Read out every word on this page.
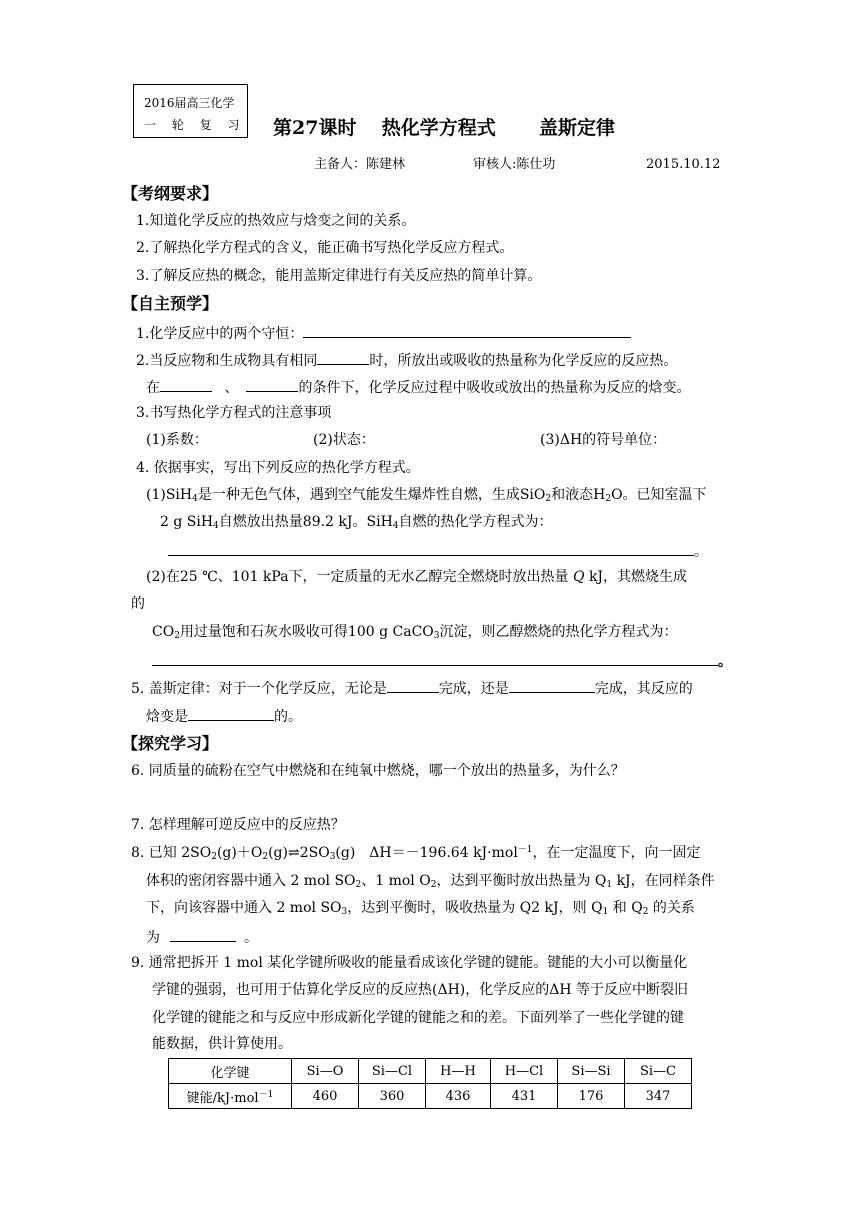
2016届高三化学
一 轮 复 习 第27课时 热化学方程式 盖斯定律
主备人：陈建林	审核人:陈仕功	2015.10.12
【考纲要求】
1.知道化学反应的热效应与焓变之间的关系。
2.了解热化学方程式的含义，能正确书写热化学反应方程式。
3.了解反应热的概念，能用盖斯定律进行有关反应热的简单计算。
【自主预学】
1.化学反应中的两个守恒：
2.当反应物和生成物具有相同	时，所放出或吸收的热量称为化学反应的反应热。
在	、	的条件下，化学反应过程中吸收或放出的热量称为反应的焓变。
3.书写热化学方程式的注意事项
(1)系数：	(2)状态：	(3)ΔH的符号单位：
4. 依据事实，写出下列反应的热化学方程式。
(1)SiH$_4$是一种无色气体，遇到空气能发生爆炸性自燃，生成SiO$_2$和液态$H_2O$。已知室温下
2 g SiH$_4$自燃放出热量89.2 kJ。SiH$_4$自燃的热化学方程式为：
。
(2)在25 ℃、101 kPa下，一定质量的无水乙醇完全燃烧时放出热量 Q kJ，其燃烧生成
的
$CO_2$用过量饱和石灰水吸收可得100 g CaCO$_3$沉淀，则乙醇燃烧的热化学方程式为：
。
5. 盖斯定律：对于一个化学反应，无论是	完成，还是	完成，其反应的
焓变是	的。
【探究学习】
6. 同质量的硫粉在空气中燃烧和在纯氧中燃烧，哪一个放出的热量多，为什么？
7. 怎样理解可逆反应中的反应热？
8. 已知 $2SO_2(g)+O_2(g)\rightleftharpoons 2SO_3(g)$　ΔH＝－196.64 kJ·mol$^{-1}$，在一定温度下，向一固定
体积的密闭容器中通入 2 mol $SO_2$、1 mol $O_2$，达到平衡时放出热量为 $Q_1$ kJ，在同样条件
下，向该容器中通入 2 mol $SO_3$，达到平衡时，吸收热量为 Q2 kJ，则 $Q_1$ 和 $Q_2$ 的关系
为	。
9. 通常把拆开 1 mol 某化学键所吸收的能量看成该化学键的键能。键能的大小可以衡量化
学键的强弱，也可用于估算化学反应的反应热(ΔH)，化学反应的ΔH 等于反应中断裂旧
化学键的键能之和与反应中形成新化学键的键能之和的差。下面列举了一些化学键的键
能数据，供计算使用。
化学键	Si—O	Si—Cl	H—H	H—Cl	Si—Si	Si—C
键能/kJ·mol$^{-1}$	460	360	436	431	176	347
